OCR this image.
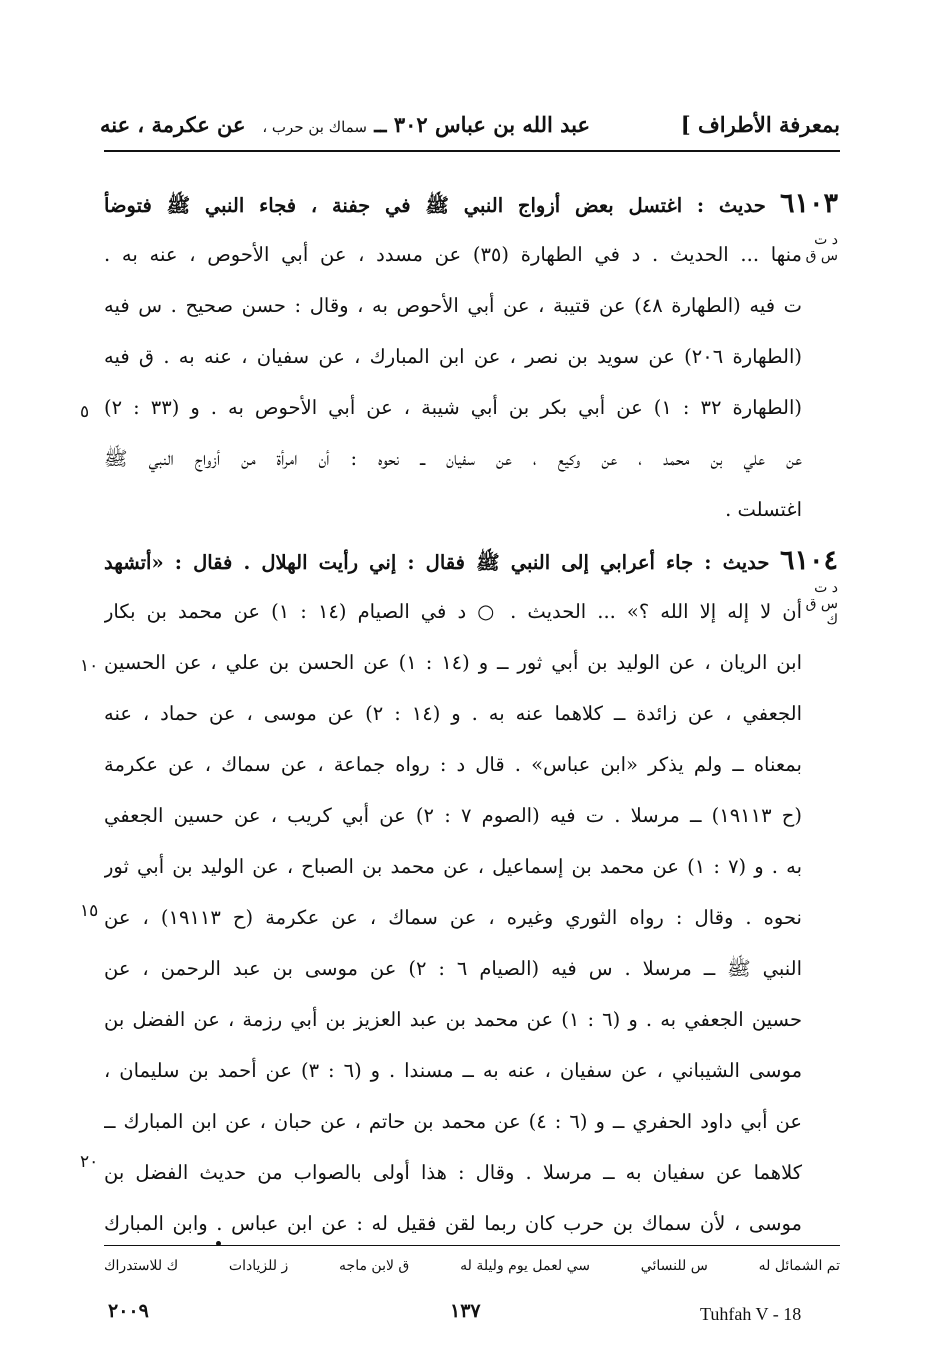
بمعرفة الأطراف ]
عبد الله بن عباس ٣٠٢ ــ سماك بن حرب ،
عن عكرمة ، عنه
د ت س ق
د ت س ق ك
٥
١٠
١٥
٢٠
٦١٠٣ حديث : اغتسل بعض أزواج النبي ﷺ في جفنة ، فجاء النبي ﷺ فتوضأ
منها ... الحديث . د في الطهارة (٣٥) عن مسدد ، عن أبي الأحوص ، عنه به .
ت فيه (الطهارة ٤٨) عن قتيبة ، عن أبي الأحوص به ، وقال : حسن صحيح . س فيه
(الطهارة ٢٠٦) عن سويد بن نصر ، عن ابن المبارك ، عن سفيان ، عنه به . ق فيه
(الطهارة ٣٢ : ١) عن أبي بكر بن أبي شيبة ، عن أبي الأحوص به . و (٣٣ : ٢)
عن علي بن محمد ، عن وكيع ، عن سفيان ــ نحوه : أن امرأة من أزواج النبي ﷺ
اغتسلت .
٦١٠٤ حديث : جاء أعرابي إلى النبي ﷺ فقال : إني رأيت الهلال . فقال : «أتشهد
أن لا إله إلا الله ؟» ... الحديث . ○ د في الصيام (١٤ : ١) عن محمد بن بكار
ابن الريان ، عن الوليد بن أبي ثور ــ و (١٤ : ١) عن الحسن بن علي ، عن الحسين
الجعفي ، عن زائدة ــ كلاهما عنه به . و (١٤ : ٢) عن موسى ، عن حماد ، عنه
بمعناه ــ ولم يذكر «ابن عباس» . قال د : رواه جماعة ، عن سماك ، عن عكرمة
(ح ١٩١١٣) ــ مرسلا . ت فيه (الصوم ٧ : ٢) عن أبي كريب ، عن حسين الجعفي
به . و (٧ : ١) عن محمد بن إسماعيل ، عن محمد بن الصباح ، عن الوليد بن أبي ثور
نحوه . وقال : رواه الثوري وغيره ، عن سماك ، عن عكرمة (ح ١٩١١٣) ، عن
النبي ﷺ ــ مرسلا . س فيه (الصيام ٦ : ٢) عن موسى بن عبد الرحمن ، عن
حسين الجعفي به . و (٦ : ١) عن محمد بن عبد العزيز بن أبي رزمة ، عن الفضل بن
موسى الشيباني ، عن سفيان ، عنه به ــ مسندا . و (٦ : ٣) عن أحمد بن سليمان ،
عن أبي داود الحفري ــ و (٦ : ٤) عن محمد بن حاتم ، عن حبان ، عن ابن المبارك ــ
كلاهما عن سفيان به ــ مرسلا . وقال : هذا أولى بالصواب من حديث الفضل بن
موسى ، لأن سماك بن حرب كان ربما لقن فقيل له : عن ابن عباس . وابن المبارك
تم الشمائل له
س للنسائي
سي لعمل يوم وليلة له
ق لابن ماجه
ز للزيادات
ك للاستدراك
٢٠٠٩	١٣٧	Tuhfah V - 18
